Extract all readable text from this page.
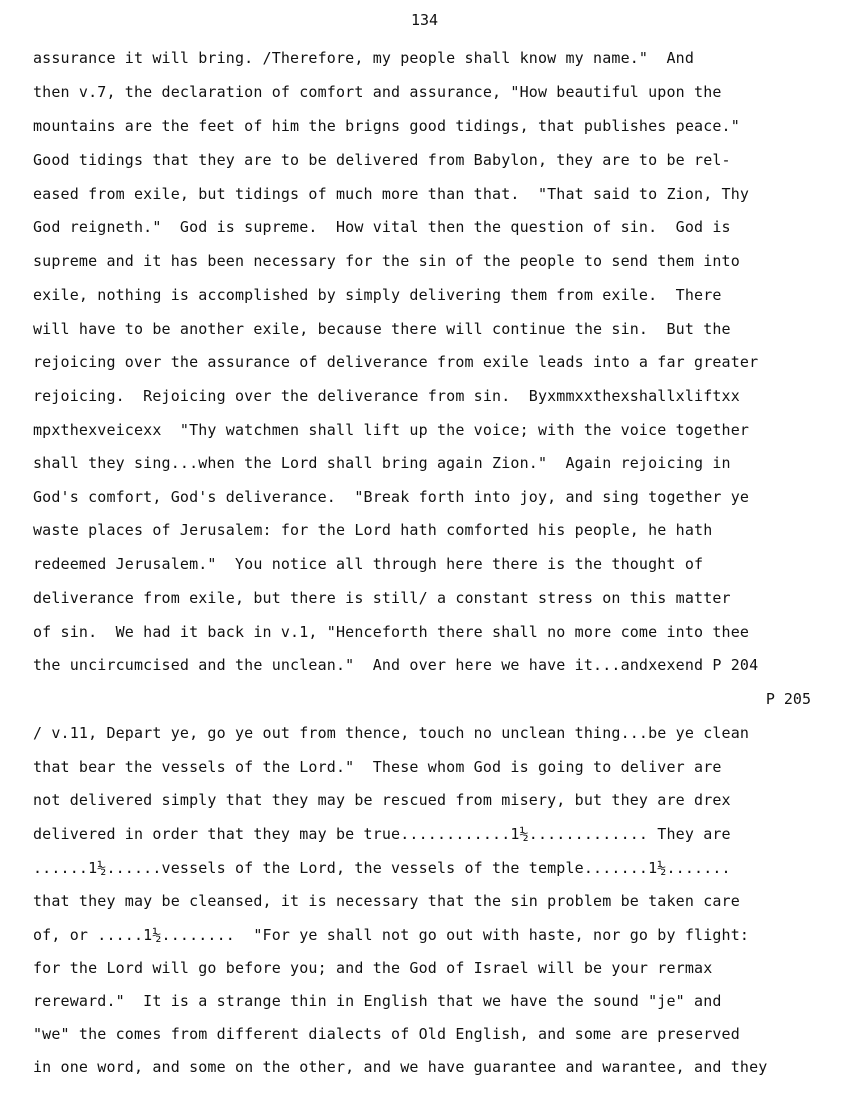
134
assurance it will bring. /Therefore, my people shall know my name."  And
then v.7, the declaration of comfort and assurance, "How beautiful upon the
mountains are the feet of him the brigns good tidings, that publishes peace."
Good tidings that they are to be delivered from Babylon, they are to be rel-
eased from exile, but tidings of much more than that.  "That said to Zion, Thy
God reigneth."  God is supreme.  How vital then the question of sin.  God is
supreme and it has been necessary for the sin of the people to send them into
exile, nothing is accomplished by simply delivering them from exile.  There
will have to be another exile, because there will continue the sin.  But the
rejoicing over the assurance of deliverance from exile leads into a far greater
rejoicing.  Rejoicing over the deliverance from sin.  Byxmmxxthexshallxliftxx
mpxthexveicexx  "Thy watchmen shall lift up the voice; with the voice together
shall they sing...when the Lord shall bring again Zion."  Again rejoicing in
God's comfort, God's deliverance.  "Break forth into joy, and sing together ye
waste places of Jerusalem: for the Lord hath comforted his people, he hath
redeemed Jerusalem."  You notice all through here there is the thought of
deliverance from exile, but there is still/ a constant stress on this matter
of sin.  We had it back in v.1, "Henceforth there shall no more come into thee
the uncircumcised and the unclean."  And over here we have it...andxexend P 204
P 205
/ v.11, Depart ye, go ye out from thence, touch no unclean thing...be ye clean
that bear the vessels of the Lord."  These whom God is going to deliver are
not delivered simply that they may be rescued from misery, but they are drex
delivered in order that they may be true............1½............. They are
......1½......vessels of the Lord, the vessels of the temple.......1½.......
that they may be cleansed, it is necessary that the sin problem be taken care
of, or .....1½........  "For ye shall not go out with haste, nor go by flight:
for the Lord will go before you; and the God of Israel will be your rermax
rereward."  It is a strange thin in English that we have the sound "je" and
"we" the comes from different dialects of Old English, and some are preserved
in one word, and some on the other, and we have guarantee and warantee, and they
